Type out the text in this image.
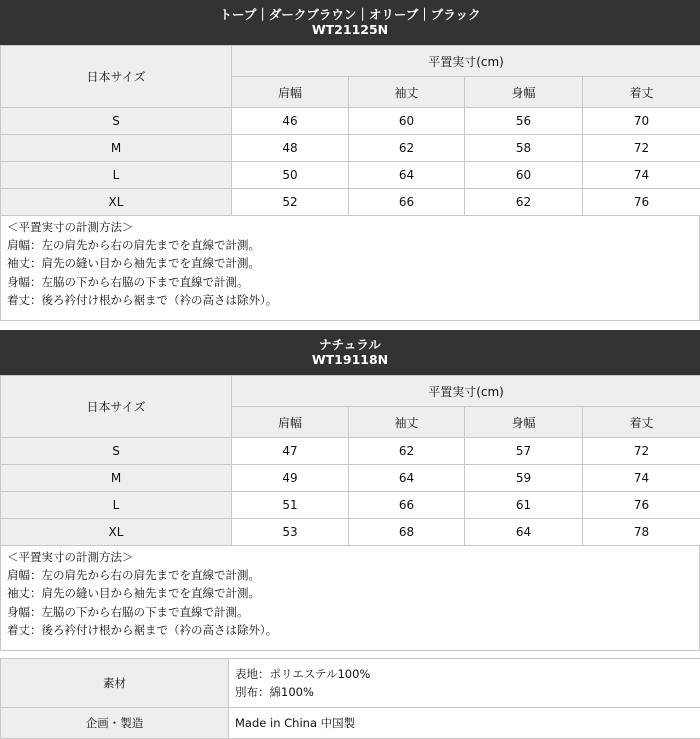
トープ｜ダークブラウン｜オリーブ｜ブラック
WT21125N
日本サイズ	平置実寸(cm)			
	肩幅	袖丈	身幅	着丈
S	46	60	56	70
M	48	62	58	72
L	50	64	60	74
XL	52	66	62	76
＜平置実寸の計測方法＞
肩幅：左の肩先から右の肩先までを直線で計測。
袖丈：肩先の縫い目から袖先までを直線で計測。
身幅：左脇の下から右脇の下まで直線で計測。
着丈：後ろ衿付け根から裾まで（衿の高さは除外）。
ナチュラル
WT19118N
日本サイズ	平置実寸(cm)			
	肩幅	袖丈	身幅	着丈
S	47	62	57	72
M	49	64	59	74
L	51	66	61	76
XL	53	68	64	78
＜平置実寸の計測方法＞
肩幅：左の肩先から右の肩先までを直線で計測。
袖丈：肩先の縫い目から袖先までを直線で計測。
身幅：左脇の下から右脇の下まで直線で計測。
着丈：後ろ衿付け根から裾まで（衿の高さは除外）。
素材	表地：ポリエステル100%
別布：綿100%

企画・製造	Made in China 中国製
